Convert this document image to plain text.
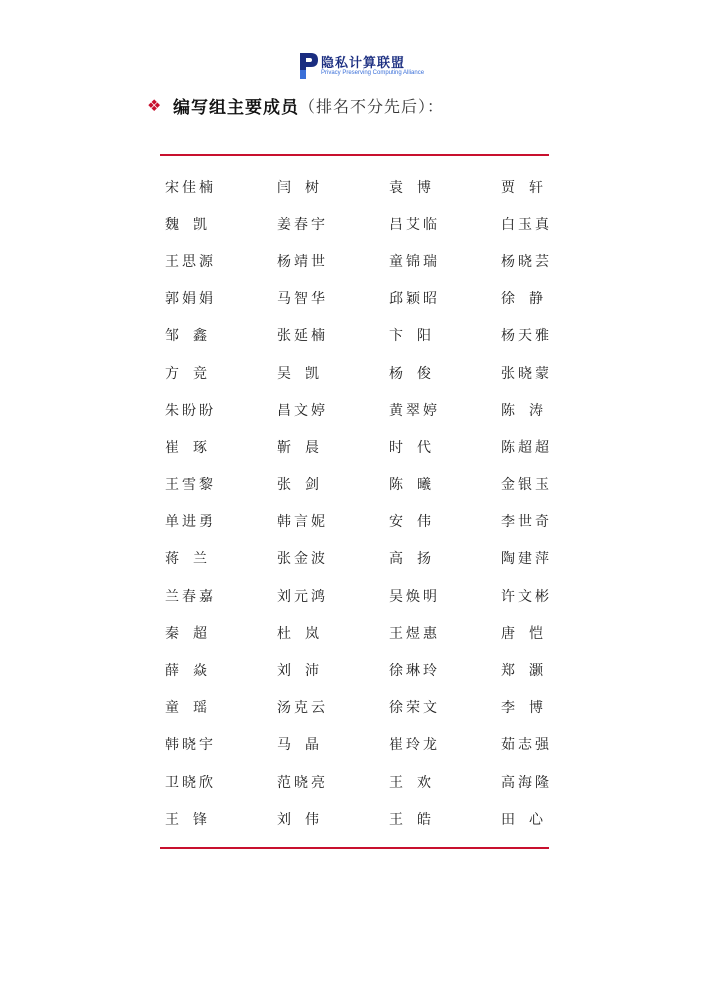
隐私计算联盟
Privacy Preserving Computing Alliance
❖ 编写组主要成员 （排名不分先后）：
宋 佳 楠	闫 树	袁 博	贾 轩
魏 凯	姜 春 宇	吕 艾 临	白 玉 真
王 思 源	杨 靖 世	童 锦 瑞	杨 晓 芸
郭 娟 娟	马 智 华	邱 颖 昭	徐 静
邹 鑫	张 延 楠	卞 阳	杨 天 雅
方 竞	吴 凯	杨 俊	张 晓 蒙
朱 盼 盼	昌 文 婷	黄 翠 婷	陈 涛
崔 琢	靳 晨	时 代	陈 超 超
王 雪 黎	张 剑	陈 曦	金 银 玉
单 进 勇	韩 言 妮	安 伟	李 世 奇
蒋 兰	张 金 波	高 扬	陶 建 萍
兰 春 嘉	刘 元 鸿	吴 焕 明	许 文 彬
秦 超	杜 岚	王 煜 惠	唐 恺
薛 焱	刘 沛	徐 琳 玲	郑 灏
童 瑶	汤 克 云	徐 荣 文	李 博
韩 晓 宇	马 晶	崔 玲 龙	茹 志 强
卫 晓 欣	范 晓 亮	王 欢	高 海 隆
王 锋	刘 伟	王 皓	田 心
